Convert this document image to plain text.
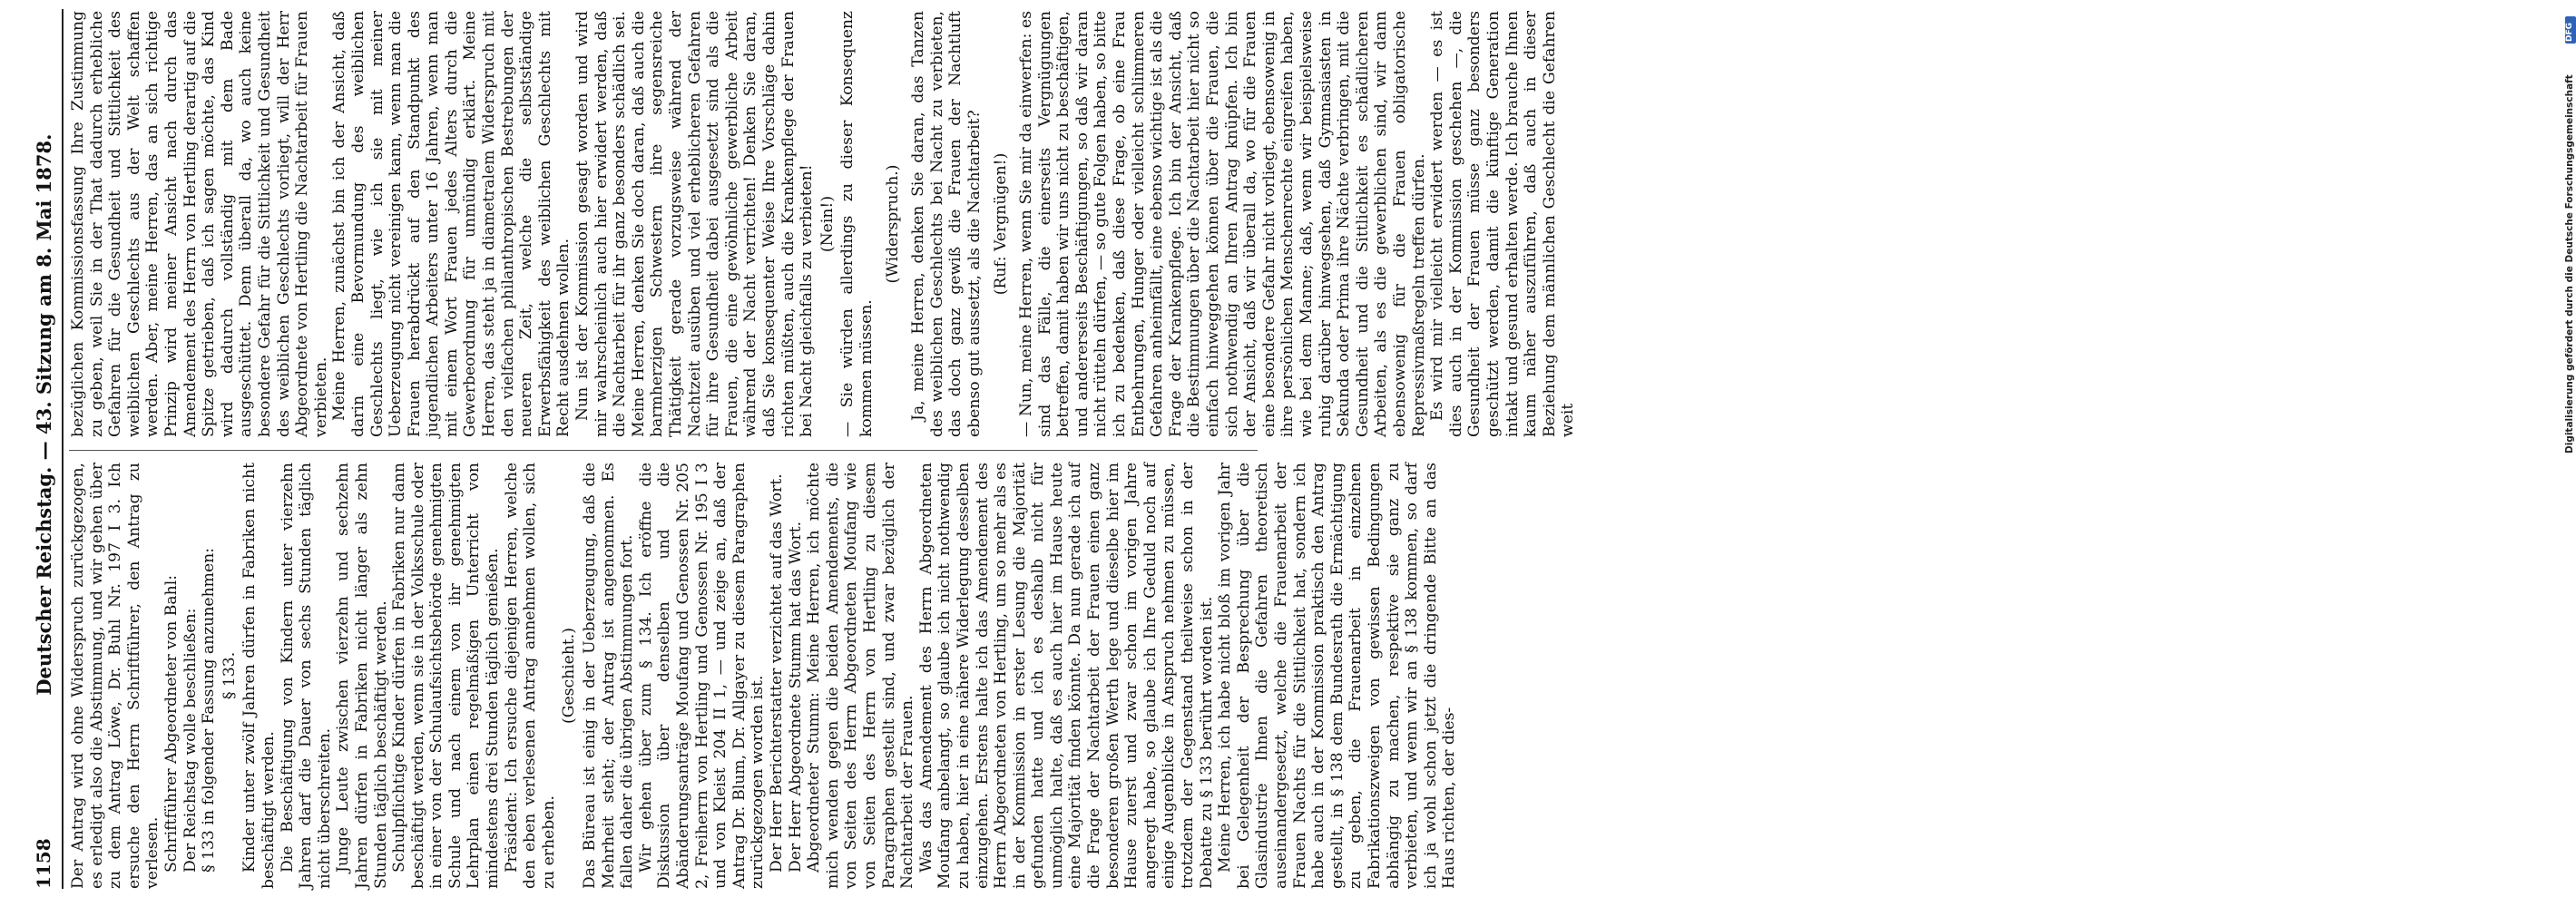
1158
Deutscher Reichstag. — 43. Sitzung am 8. Mai 1878. Der Antrag wird ohne Widerspruch zurückgezogen, es erledigt also die Abstimmung, und wir gehen über zu dem Antrag Löwe, Dr. Buhl Nr. 197 I 3. Ich ersuche den Herrn Schriftführer, den Antrag zu verlesen. Schriftführer Abgeordneter von Bahl: Der Reichstag wolle beschließen: § 133 in folgender Fassung anzunehmen: § 133. Kinder unter zwölf Jahren dürfen in Fabriken nicht beschäftigt werden. Die Beschäftigung von Kindern unter vierzehn Jahren darf die Dauer von sechs Stunden täglich nicht überschreiten. Junge Leute zwischen vierzehn und sechzehn Jahren dürfen in Fabriken nicht länger als zehn Stunden täglich beschäftigt werden. Schulpflichtige Kinder dürfen in Fabriken nur dann beschäftigt werden, wenn sie in der Volksschule oder in einer von der Schulaufsichtsbehörde genehmigten Schule und nach einem von ihr genehmigten Lehrplan einen regelmäßigen Unterricht von mindestens drei Stunden täglich genießen. Präsident: Ich ersuche diejenigen Herren, welche den eben verlesenen Antrag annehmen wollen, sich zu erheben.

(Geschieht.) Das Büreau ist einig in der Ueberzeugung, daß die Mehrheit steht; der Antrag ist angenommen. Es fallen daher die übrigen Abstimmungen fort. Wir gehen über zum § 134. Ich eröffne die Diskussion über denselben und die Abänderungsanträge Moufang und Genossen Nr. 205 2, Freiherrn von Hertling und Genossen Nr. 195 I 3 und von Kleist 204 II 1, — und zeige an, daß der Antrag Dr. Blum, Dr. Allgayer zu diesem Paragraphen zurückgezogen worden ist. Der Herr Berichterstatter verzichtet auf das Wort. Der Herr Abgeordnete Stumm hat das Wort. Abgeordneter Stumm: Meine Herren, ich möchte mich wenden gegen die beiden Amendements, die von Seiten des Herrn Abgeordneten Moufang wie von Seiten des Herrn von Hertling zu diesem Paragraphen gestellt sind, und zwar bezüglich der Nachtarbeit der Frauen. Was das Amendement des Herrn Abgeordneten Moufang anbelangt, so glaube ich nicht nothwendig zu haben, hier in eine nähere Widerlegung desselben einzugehen. Erstens halte ich das Amendement des Herrn Abgeordneten von Hertling, um so mehr als es in der Kommission in erster Lesung die Majorität gefunden hatte und ich es deshalb nicht für unmöglich halte, daß es auch hier im Hause heute eine Majorität finden könnte. Da nun gerade ich auf die Frage der Nachtarbeit der Frauen einen ganz besonderen großen Werth lege und dieselbe hier im Hause zuerst und zwar schon im vorigen Jahre angeregt habe, so glaube ich Ihre Geduld noch auf einige Augenblicke in Anspruch nehmen zu müssen, trotzdem der Gegenstand theilweise schon in der Debatte zu § 133 berührt worden ist. Meine Herren, ich habe nicht bloß im vorigen Jahr bei Gelegenheit der Besprechung über die Glasindustrie Ihnen die Gefahren theoretisch auseinandergesetzt, welche die Frauenarbeit der Frauen Nachts für die Sittlichkeit hat, sondern ich habe auch in der Kommission praktisch den Antrag gestellt, in § 138 dem Bundesrath die Ermächtigung zu geben, die Frauenarbeit in einzelnen Fabrikationszweigen von gewissen Bedingungen abhängig zu machen, respektive sie ganz zu verbieten, und wenn wir an § 138 kommen, so darf ich ja wohl schon jetzt die dringende Bitte an das Haus richten, der dies-

bezüglichen Kommissionsfassung Ihre Zustimmung zu geben, weil Sie in der That dadurch erhebliche Gefahren für die Gesundheit und Sittlichkeit des weiblichen Geschlechts aus der Welt schaffen werden. Aber, meine Herren, das an sich richtige Prinzip wird meiner Ansicht nach durch das Amendement des Herrn von Hertling derartig auf die Spitze getrieben, daß ich sagen möchte, das Kind wird dadurch vollständig mit dem Bade ausgeschüttet. Denn überall da, wo auch keine besondere Gefahr für die Sittlichkeit und Gesundheit des weiblichen Geschlechts vorliegt, will der Herr Abgeordnete von Hertling die Nachtarbeit für Frauen verbieten. Meine Herren, zunächst bin ich der Ansicht, daß darin eine Bevormundung des weiblichen Geschlechts liegt, wie ich sie mit meiner Ueberzeugung nicht vereinigen kann, wenn man die Frauen herabdrückt auf den Standpunkt des jugendlichen Arbeiters unter 16 Jahren, wenn man mit einem Wort Frauen jedes Alters durch die Gewerbeordnung für unmündig erklärt. Meine Herren, das steht ja in diametralem Widerspruch mit den vielfachen philanthropischen Bestrebungen der neueren Zeit, welche die selbstständige Erwerbsfähigkeit des weiblichen Geschlechts mit Recht ausdehnen wollen. Nun ist der Kommission gesagt worden und wird mir wahrscheinlich auch hier erwidert werden, daß die Nachtarbeit für ihr ganz besonders schädlich sei. Meine Herren, denken Sie doch daran, daß auch die barmherzigen Schwestern ihre segensreiche Thätigkeit gerade vorzugsweise während der Nachtzeit ausüben und viel erheblicheren Gefahren für ihre Gesundheit dabei ausgesetzt sind als die Frauen, die eine gewöhnliche gewerbliche Arbeit während der Nacht verrichten! Denken Sie daran, daß Sie konsequenter Weise Ihre Vorschläge dahin richten müßten, auch die Krankenpflege der Frauen bei Nacht gleichfalls zu verbieten! (Nein!) — Sie würden allerdings zu dieser Konsequenz kommen müssen.

(Widerspruch.) Ja, meine Herren, denken Sie daran, das Tanzen des weiblichen Geschlechts bei Nacht zu verbieten, das doch ganz gewiß die Frauen der Nachtluft ebenso gut aussetzt, als die Nachtarbeit? (Ruf: Vergnügen!) — Nun, meine Herren, wenn Sie mir da einwerfen: es sind das Fälle, die einerseits Vergnügungen betreffen, damit haben wir uns nicht zu beschäftigen, und andererseits Beschäftigungen, so daß wir daran nicht rütteln dürfen, — so gute Folgen haben, so bitte ich zu bedenken, daß diese Frage, ob eine Frau Entbehrungen, Hunger oder vielleicht schlimmeren Gefahren anheimfällt, eine ebenso wichtige ist als die Frage der Krankenpflege. Ich bin der Ansicht, daß die Bestimmungen über die Nachtarbeit hier nicht so einfach hinweggehen können über die Frauen, die sich nothwendig an Ihren Antrag knüpfen. Ich bin der Ansicht, daß wir überall da, wo für die Frauen eine besondere Gefahr nicht vorliegt, ebensowenig in ihre persönlichen Menschenrechte eingreifen haben, wie bei dem Manne; daß, wenn wir beispielsweise ruhig darüber hinwegsehen, daß Gymnasiasten in Sekunda oder Prima ihre Nächte verbringen, mit die Gesundheit und die Sittlichkeit es schädlicheren Arbeiten, als es die gewerblichen sind, wir dann ebensowenig für die Frauen obligatorische Repressivmaßregeln treffen dürfen. Es wird mir vielleicht erwidert werden — es ist dies auch in der Kommission geschehen —, die Gesundheit der Frauen müsse ganz besonders geschützt werden, damit die künftige Generation intakt und gesund erhalten werde. Ich brauche Ihnen kaum näher auszuführen, daß auch in dieser Beziehung dem männlichen Geschlecht die Gefahren weit

DFG
Digitalisierung gefördert durch die Deutsche Forschungsgemeinschaft
